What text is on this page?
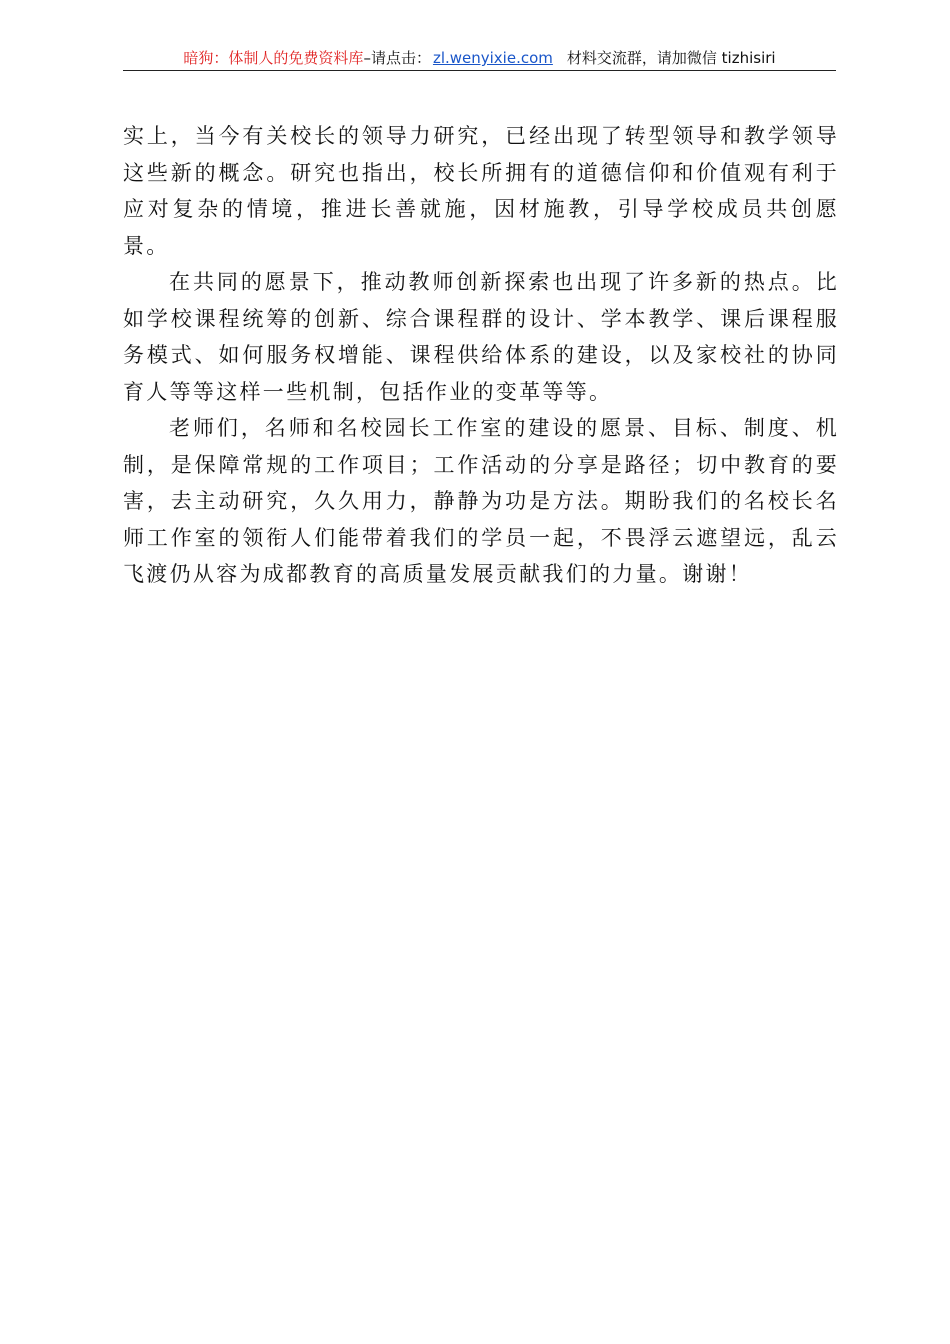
暗狗：体制人的免费资料库–请点击： zl.wenyixie.com 材料交流群，请加微信 tizhisiri

实上，当今有关校长的领导力研究，已经出现了转型领导和教学领导这些新的概念。研究也指出，校长所拥有的道德信仰和价值观有利于应对复杂的情境，推进长善就施，因材施教，引导学校成员共创愿景。

在共同的愿景下，推动教师创新探索也出现了许多新的热点。比如学校课程统筹的创新、综合课程群的设计、学本教学、课后课程服务模式、如何服务权增能、课程供给体系的建设，以及家校社的协同育人等等这样一些机制，包括作业的变革等等。

老师们，名师和名校园长工作室的建设的愿景、目标、制度、机制，是保障常规的工作项目；工作活动的分享是路径；切中教育的要害，去主动研究，久久用力，静静为功是方法。期盼我们的名校长名师工作室的领衔人们能带着我们的学员一起，不畏浮云遮望远，乱云飞渡仍从容为成都教育的高质量发展贡献我们的力量。谢谢！
